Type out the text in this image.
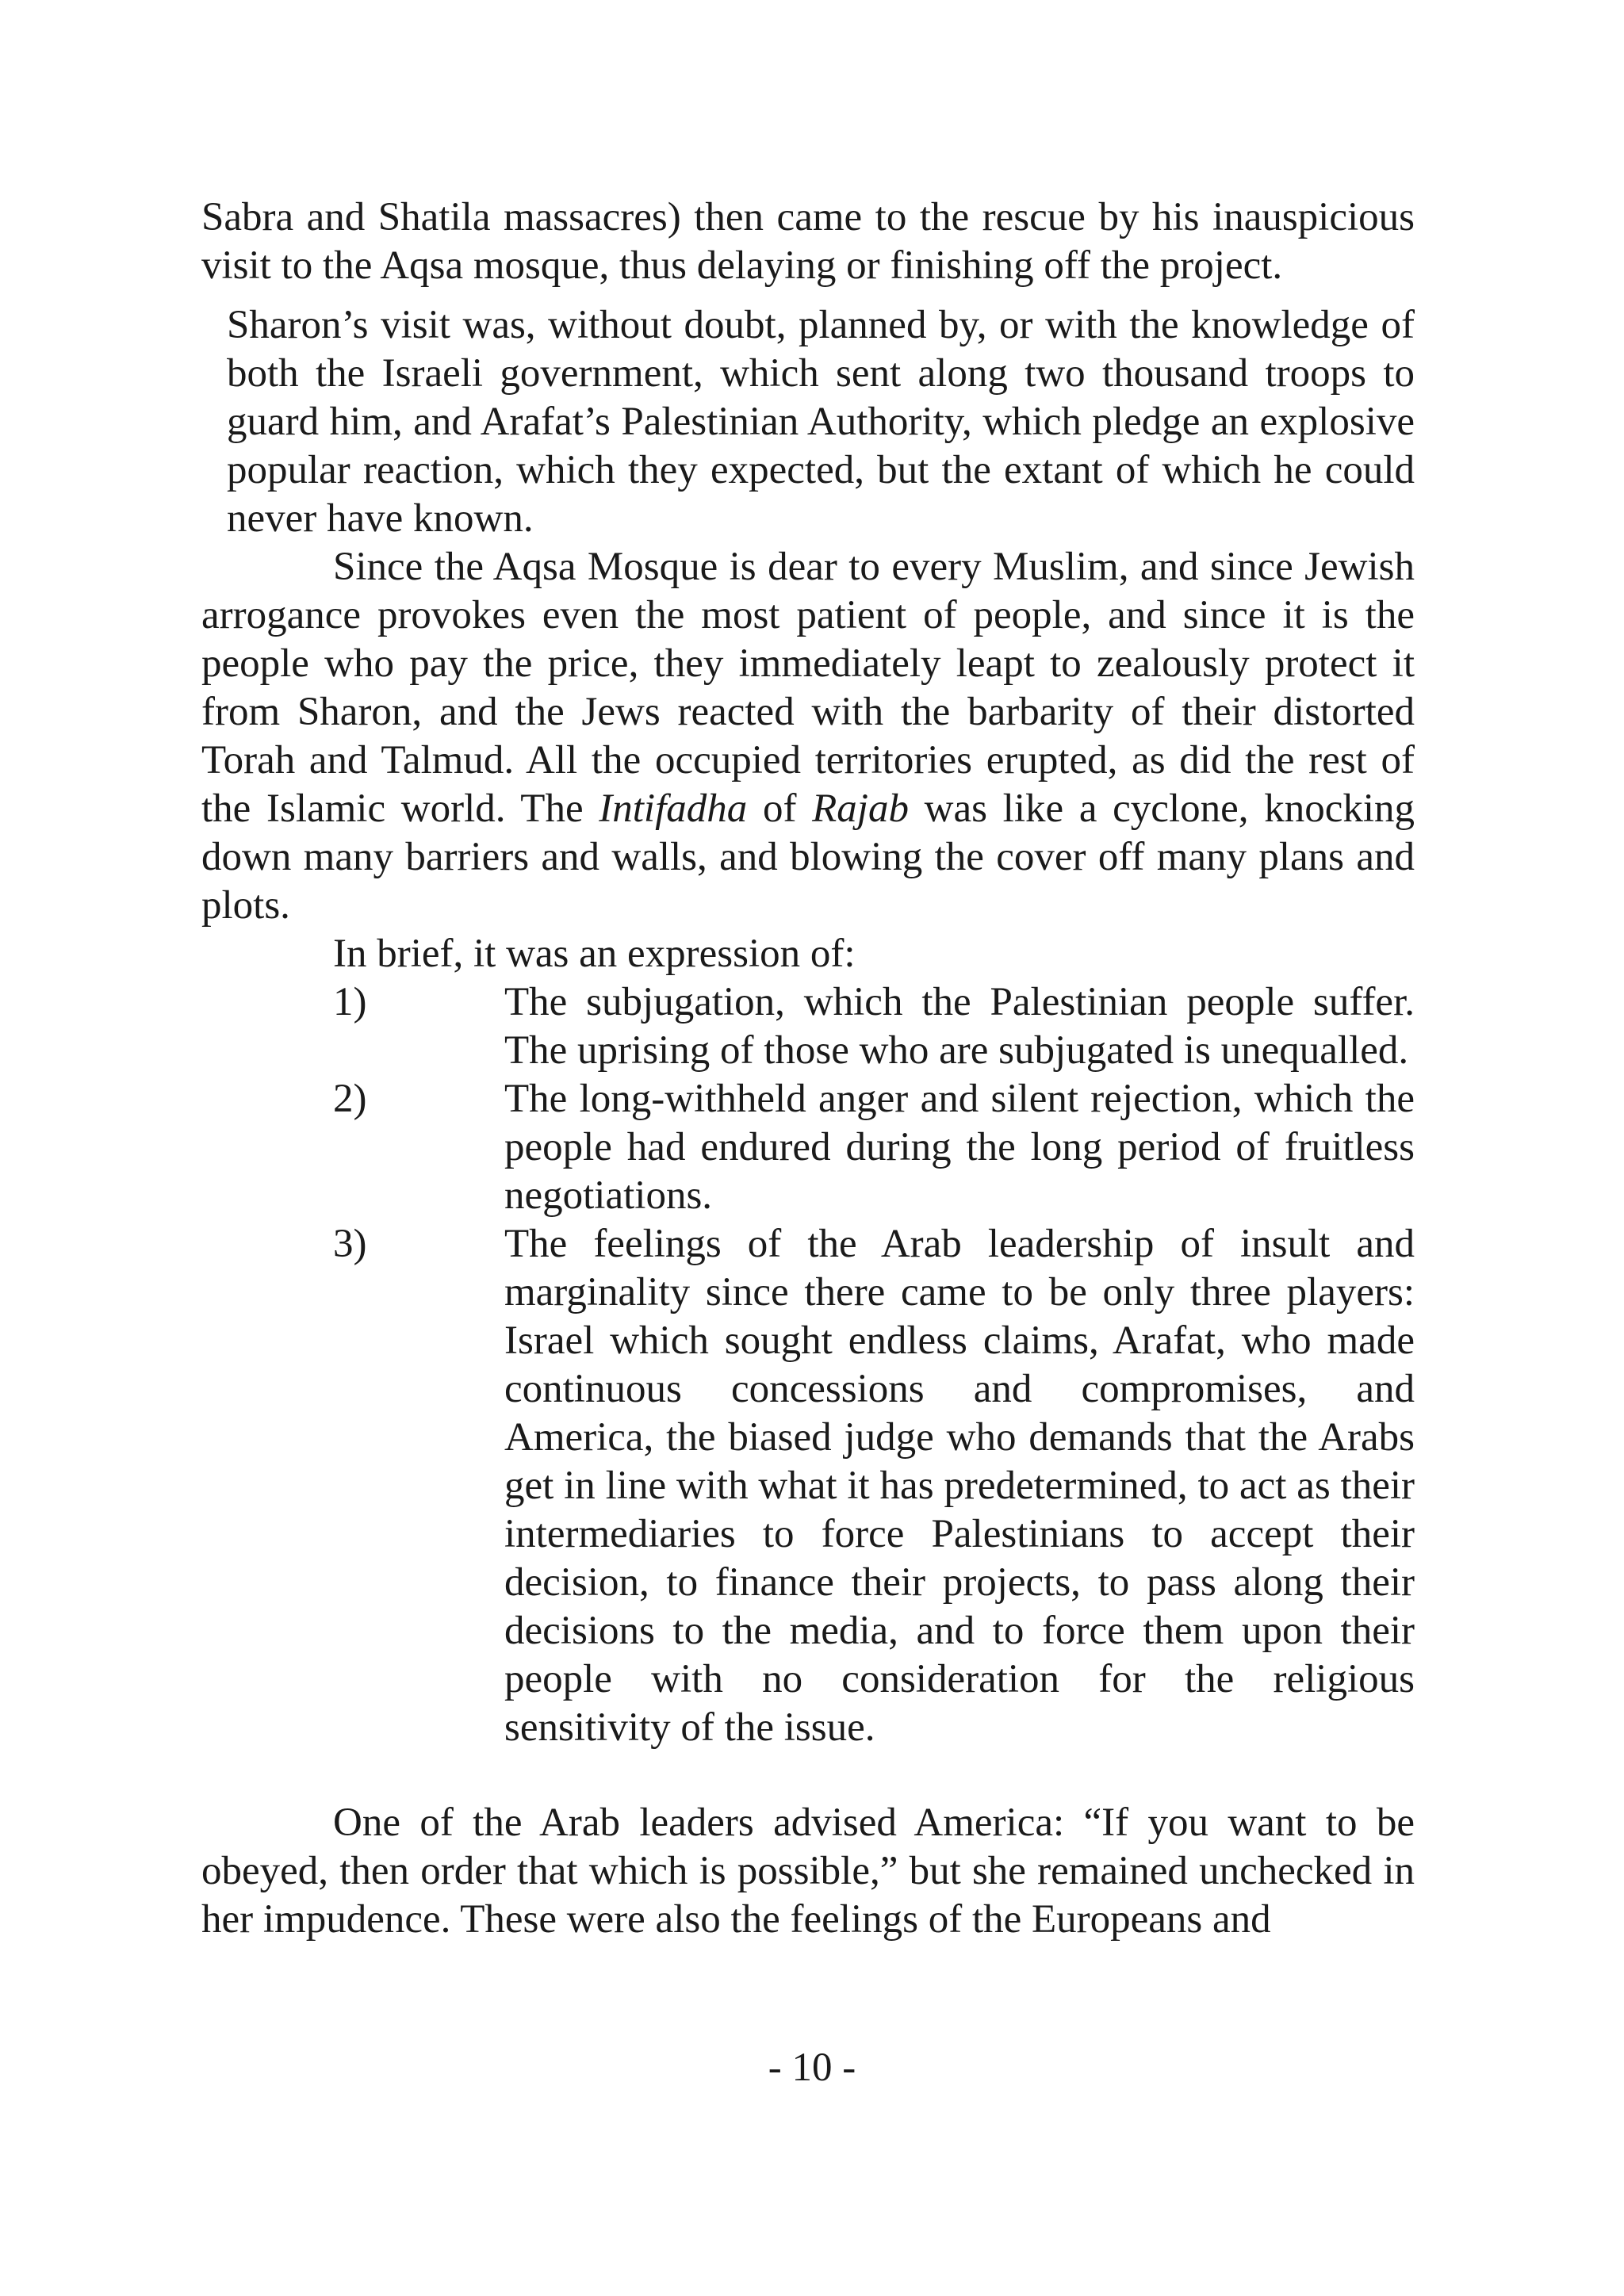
Sabra and Shatila massacres) then came to the rescue by his inauspicious visit to the Aqsa mosque, thus delaying or finishing off the project.

Sharon’s visit was, without doubt, planned by, or with the knowledge of both the Israeli government, which sent along two thousand troops to guard him, and Arafat’s Palestinian Authority, which pledge an explosive popular reaction, which they expected, but the extant of which he could never have known.

Since the Aqsa Mosque is dear to every Muslim, and since Jewish arrogance provokes even the most patient of people, and since it is the people who pay the price, they immediately leapt to zealously protect it from Sharon, and the Jews reacted with the barbarity of their distorted Torah and Talmud. All the occupied territories erupted, as did the rest of the Islamic world. The Intifadha of Rajab was like a cyclone, knocking down many barriers and walls, and blowing the cover off many plans and plots.

In brief, it was an expression of:

1)	The subjugation, which the Palestinian people suffer. The uprising of those who are subjugated is unequalled.
2)	The long-withheld anger and silent rejection, which the people had endured during the long period of fruitless negotiations.
3)	The feelings of the Arab leadership of insult and marginality since there came to be only three players: Israel which sought endless claims, Arafat, who made continuous concessions and compromises, and America, the biased judge who demands that the Arabs get in line with what it has predetermined, to act as their intermediaries to force Palestinians to accept their decision, to finance their projects, to pass along their decisions to the media, and to force them upon their people with no consideration for the religious sensitivity of the issue.

One of the Arab leaders advised America: “If you want to be obeyed, then order that which is possible,” but she remained unchecked in her impudence. These were also the feelings of the Europeans and

- 10 -
